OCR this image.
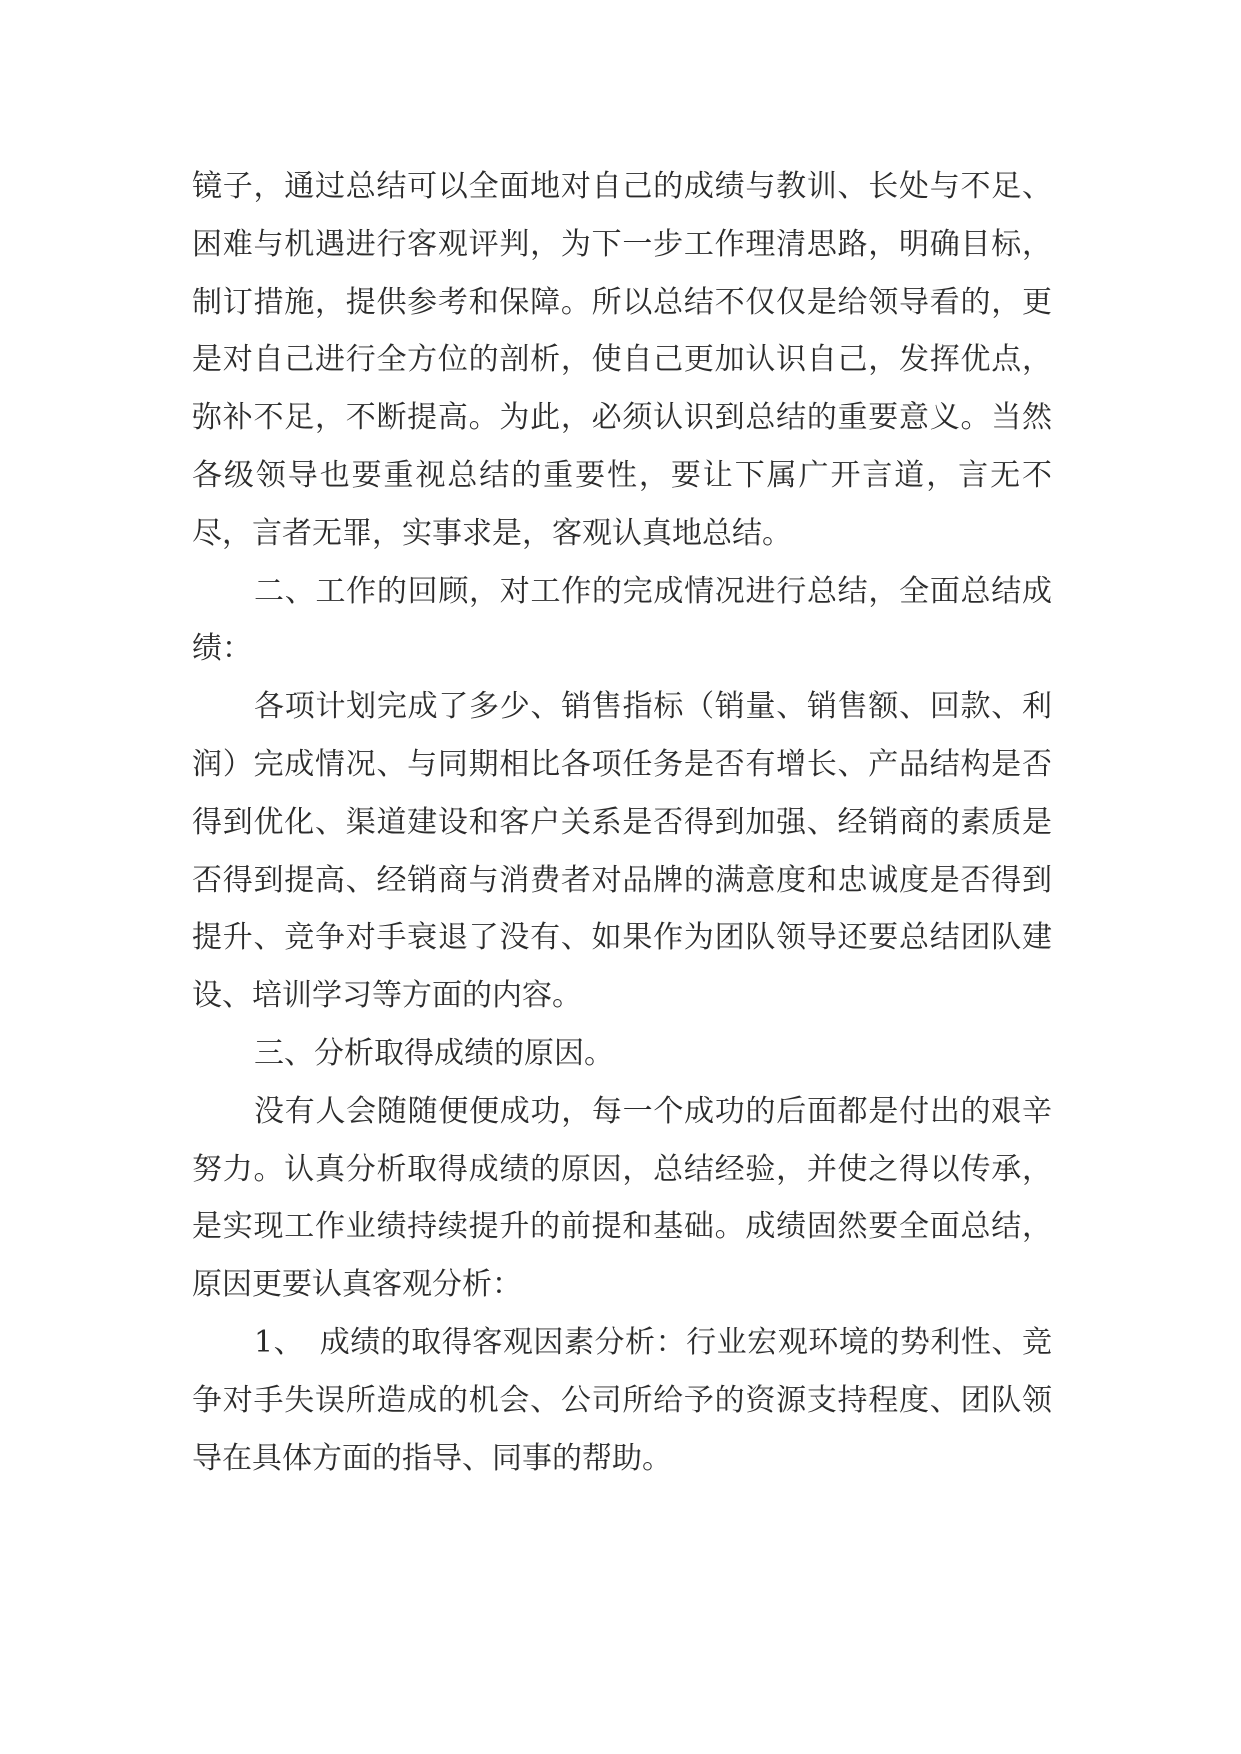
镜子，通过总结可以全面地对自己的成绩与教训、长处与不足、困难与机遇进行客观评判，为下一步工作理清思路，明确目标，制订措施，提供参考和保障。所以总结不仅仅是给领导看的，更是对自己进行全方位的剖析，使自己更加认识自己，发挥优点，弥补不足，不断提高。为此，必须认识到总结的重要意义。当然各级领导也要重视总结的重要性，要让下属广开言道，言无不尽，言者无罪，实事求是，客观认真地总结。

二、工作的回顾，对工作的完成情况进行总结，全面总结成绩：

各项计划完成了多少、销售指标（销量、销售额、回款、利润）完成情况、与同期相比各项任务是否有增长、产品结构是否得到优化、渠道建设和客户关系是否得到加强、经销商的素质是否得到提高、经销商与消费者对品牌的满意度和忠诚度是否得到提升、竞争对手衰退了没有、如果作为团队领导还要总结团队建设、培训学习等方面的内容。

三、分析取得成绩的原因。

没有人会随随便便成功，每一个成功的后面都是付出的艰辛努力。认真分析取得成绩的原因，总结经验，并使之得以传承，是实现工作业绩持续提升的前提和基础。成绩固然要全面总结，原因更要认真客观分析：

1、　成绩的取得客观因素分析：行业宏观环境的势利性、竞争对手失误所造成的机会、公司所给予的资源支持程度、团队领导在具体方面的指导、同事的帮助。
